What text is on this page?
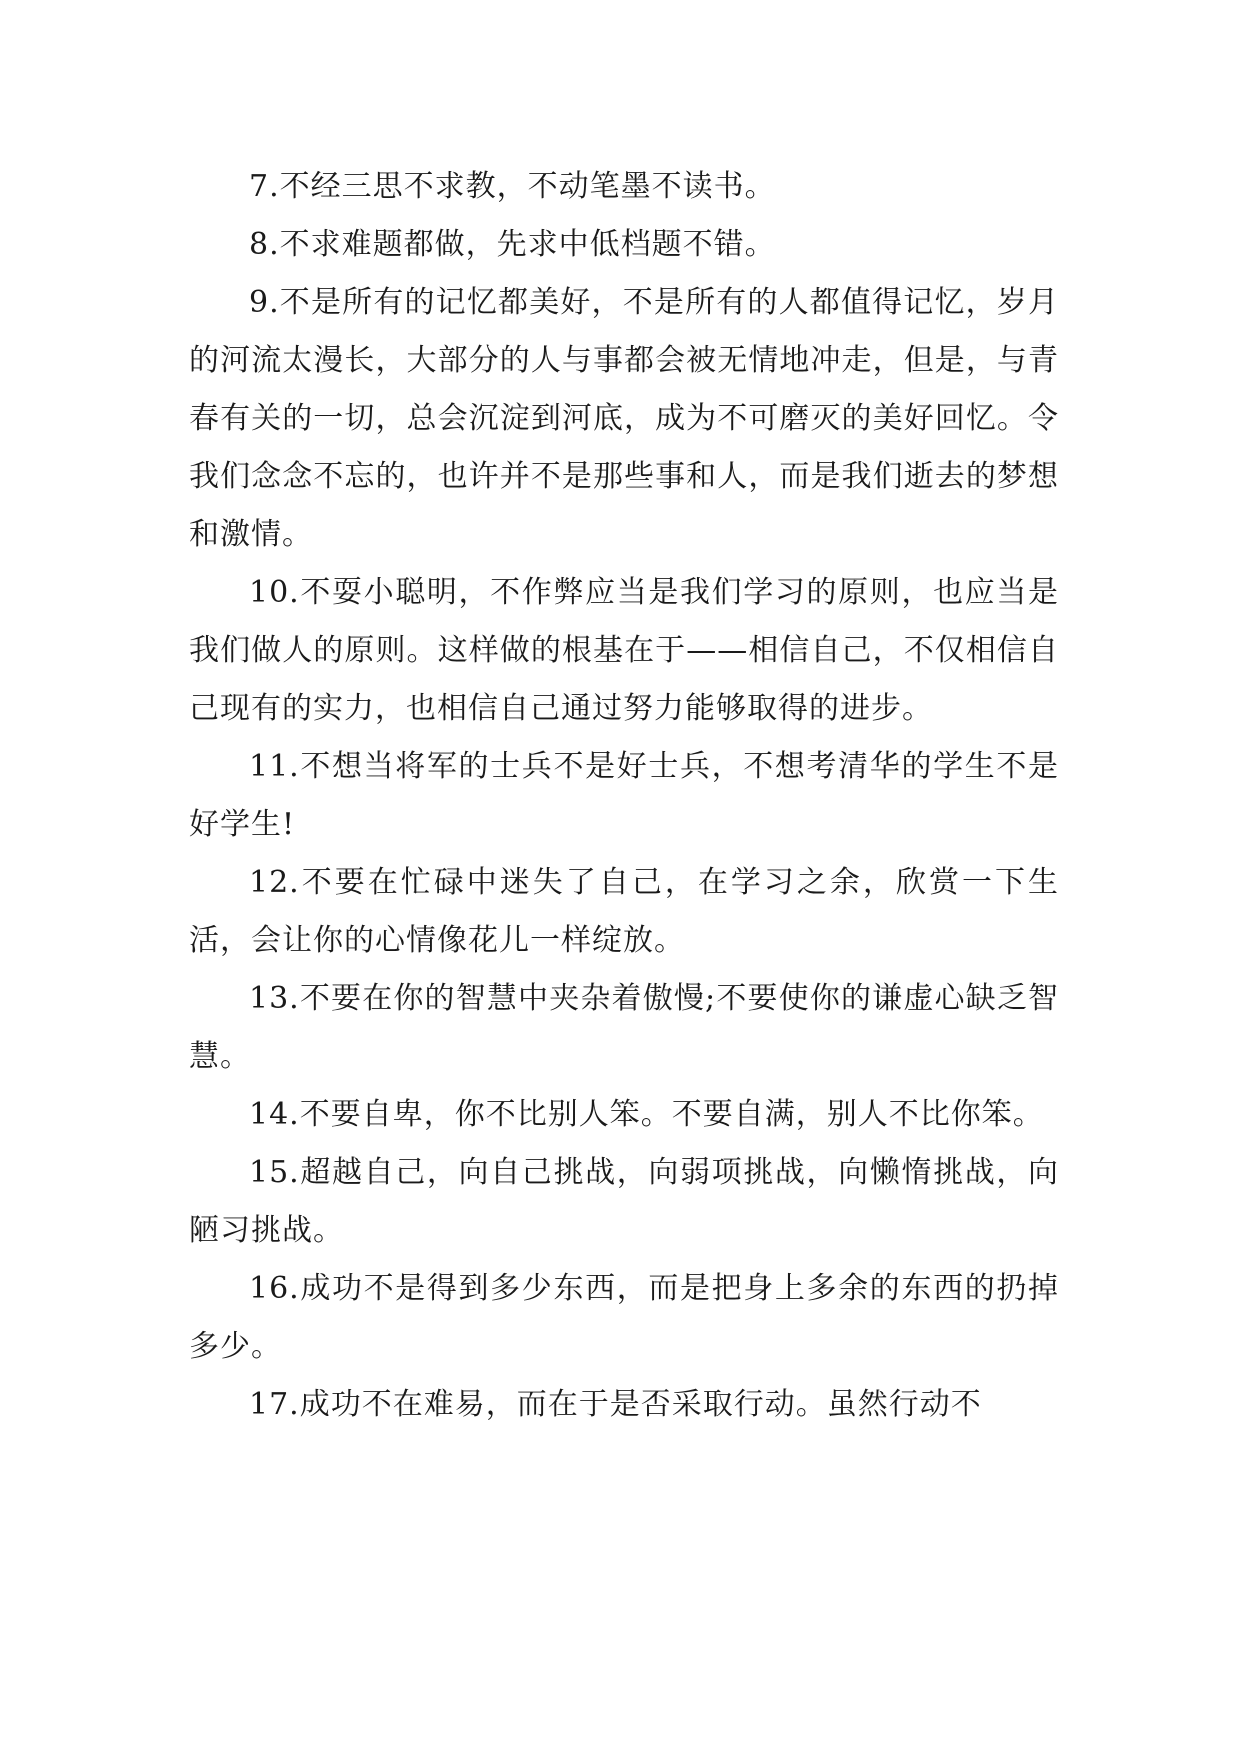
7.不经三思不求教，不动笔墨不读书。

8.不求难题都做，先求中低档题不错。

9.不是所有的记忆都美好，不是所有的人都值得记忆，岁月的河流太漫长，大部分的人与事都会被无情地冲走，但是，与青春有关的一切，总会沉淀到河底，成为不可磨灭的美好回忆。令我们念念不忘的，也许并不是那些事和人，而是我们逝去的梦想和激情。

10.不耍小聪明，不作弊应当是我们学习的原则，也应当是我们做人的原则。这样做的根基在于——相信自己，不仅相信自己现有的实力，也相信自己通过努力能够取得的进步。

11.不想当将军的士兵不是好士兵，不想考清华的学生不是好学生!

12.不要在忙碌中迷失了自己，在学习之余，欣赏一下生活，会让你的心情像花儿一样绽放。

13.不要在你的智慧中夹杂着傲慢;不要使你的谦虚心缺乏智慧。

14.不要自卑，你不比别人笨。不要自满，别人不比你笨。

15.超越自己，向自己挑战，向弱项挑战，向懒惰挑战，向陋习挑战。

16.成功不是得到多少东西，而是把身上多余的东西的扔掉多少。

17.成功不在难易，而在于是否采取行动。虽然行动不
